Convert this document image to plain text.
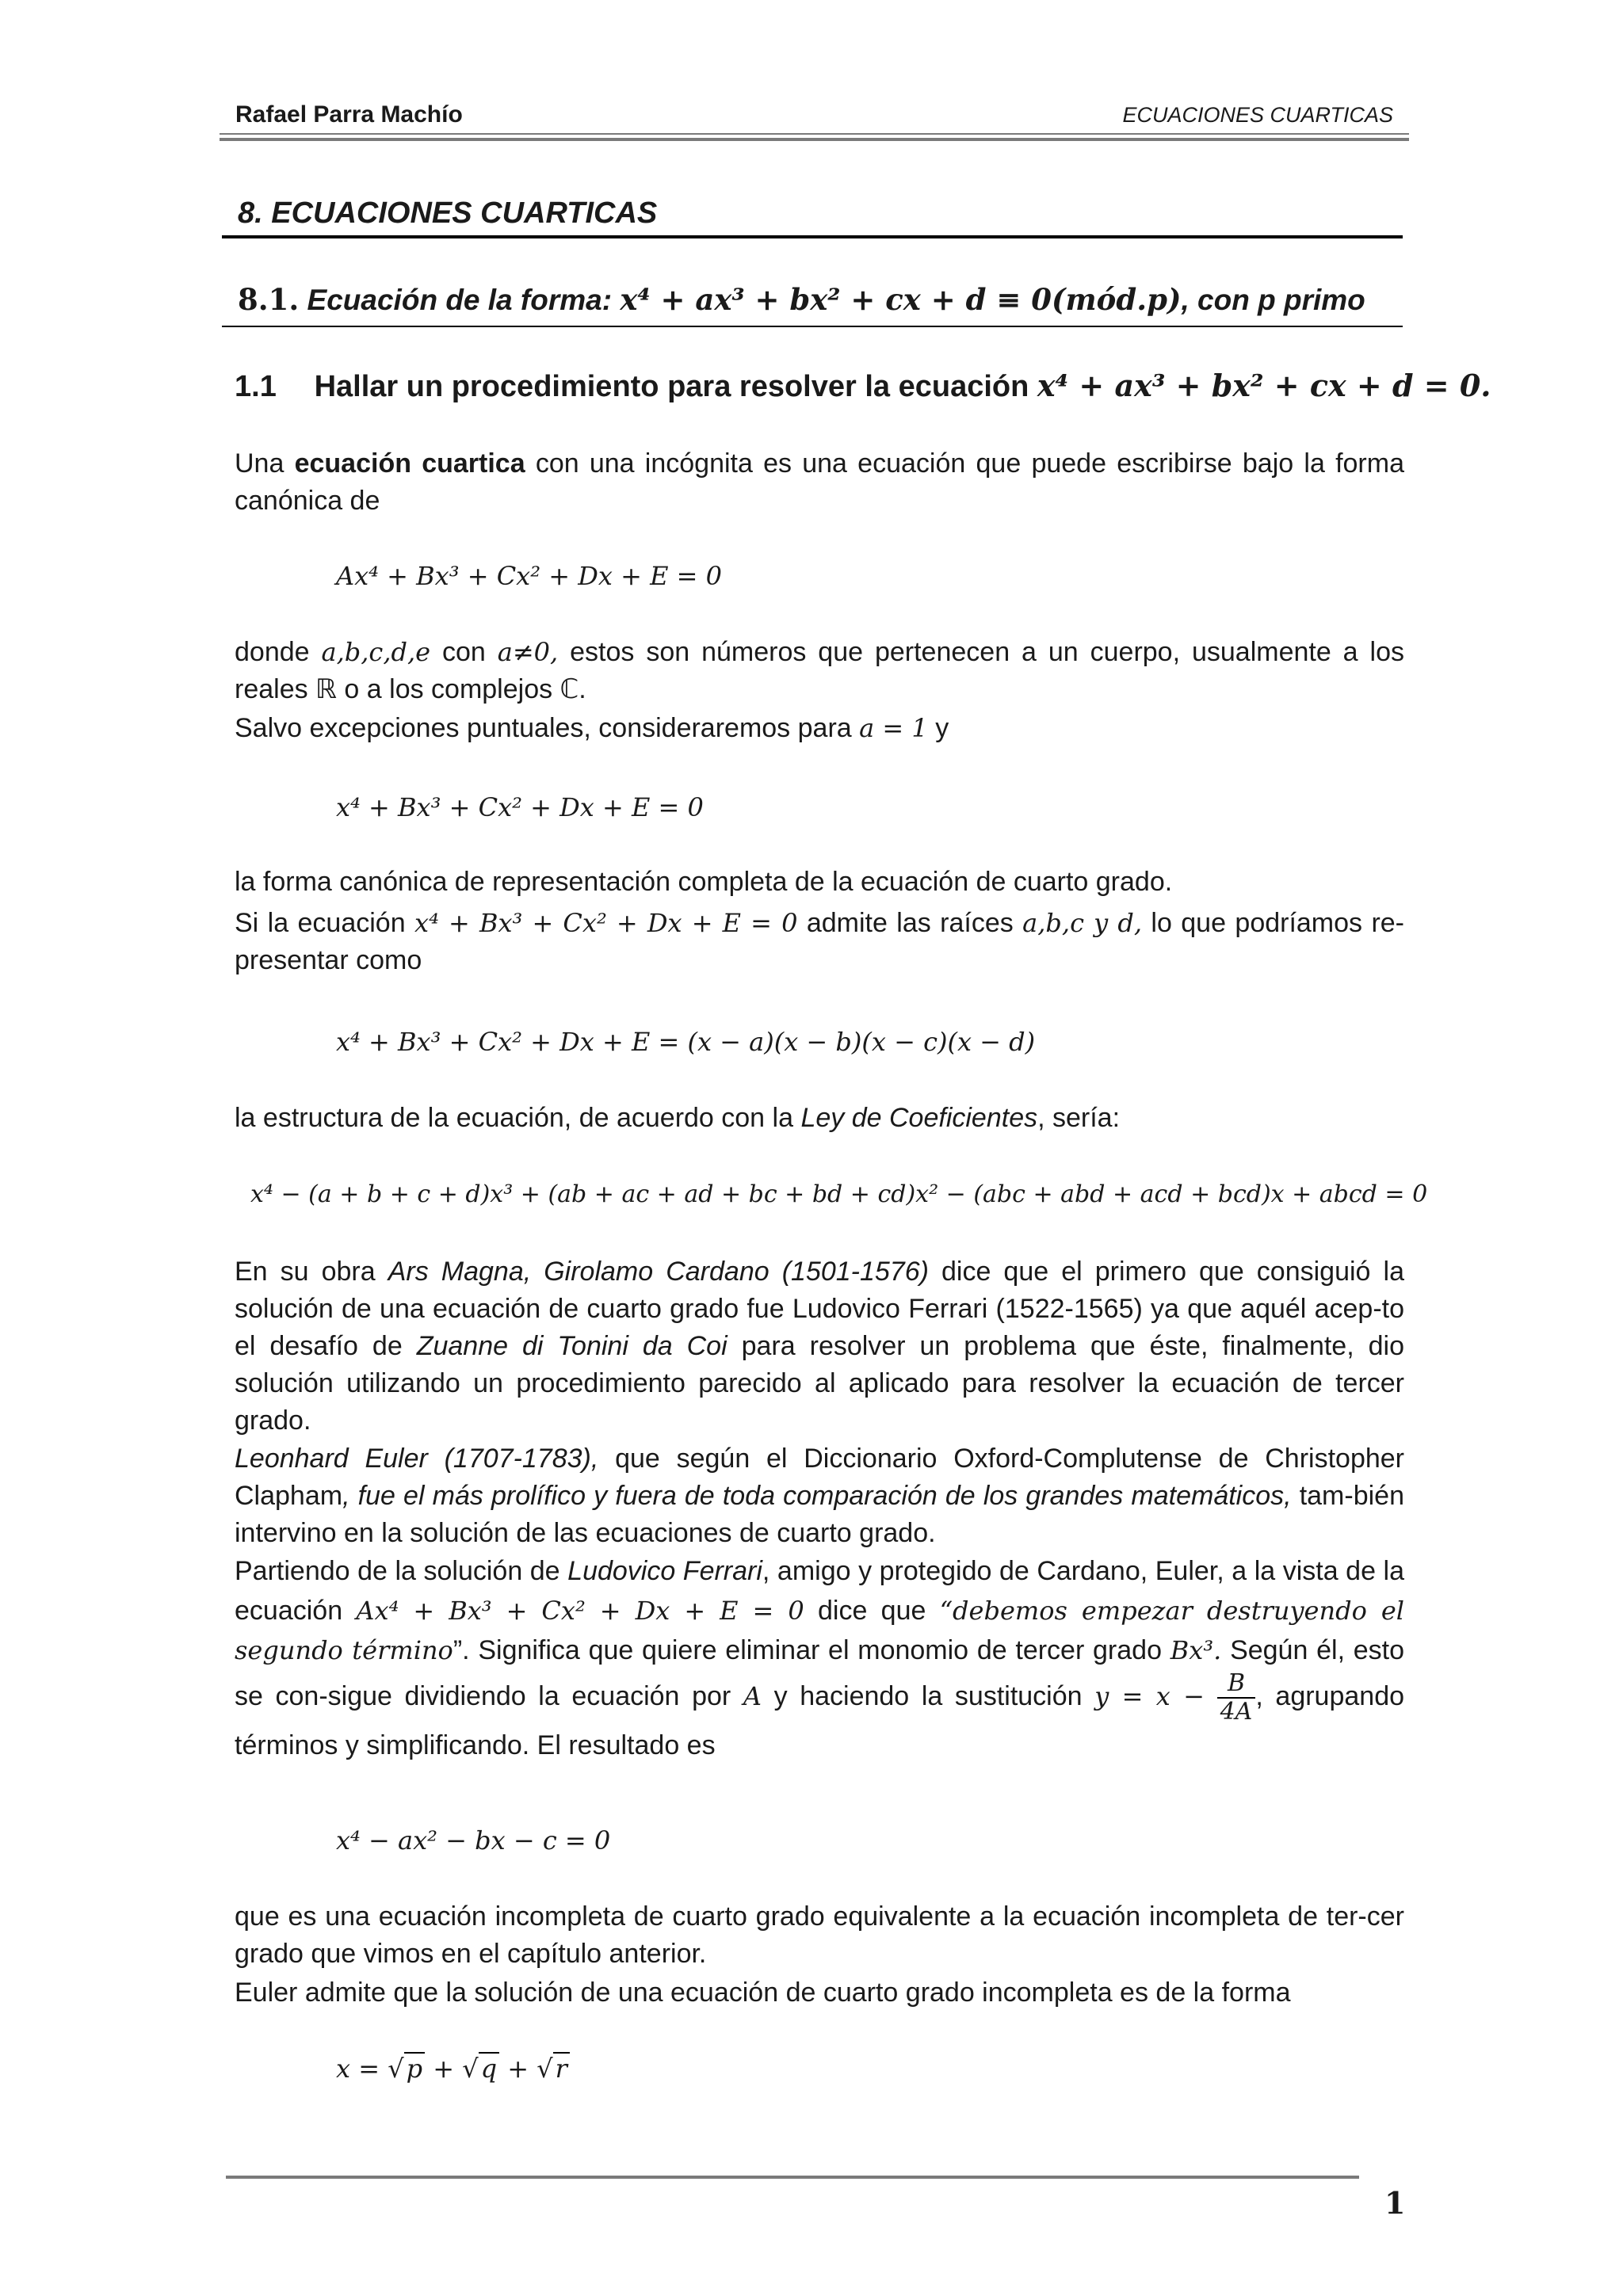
Rafael Parra Machío	ECUACIONES CUARTICAS
8. ECUACIONES CUARTICAS
8.1. Ecuación de la forma: x⁴ + ax³ + bx² + cx + d ≡ 0(mód.p), con p primo
1.1 Hallar un procedimiento para resolver la ecuación x⁴ + ax³ + bx² + cx + d = 0.
Una ecuación cuartica con una incógnita es una ecuación que puede escribirse bajo la forma canónica de
Ax⁴ + Bx³ + Cx² + Dx + E = 0
donde a,b,c,d,e con a≠0, estos son números que pertenecen a un cuerpo, usualmente a los reales ℝ o a los complejos ℂ.
Salvo excepciones puntuales, consideraremos para a = 1 y
x⁴ + Bx³ + Cx² + Dx + E = 0
la forma canónica de representación completa de la ecuación de cuarto grado.
Si la ecuación x⁴ + Bx³ + Cx² + Dx + E = 0 admite las raíces a,b,c y d, lo que podríamos re-presentar como
x⁴ + Bx³ + Cx² + Dx + E = (x − a)(x − b)(x − c)(x − d)
la estructura de la ecuación, de acuerdo con la Ley de Coeficientes, sería:
x⁴ − (a + b + c + d)x³ + (ab + ac + ad + bc + bd + cd)x² − (abc + abd + acd + bcd)x + abcd = 0
En su obra Ars Magna, Girolamo Cardano (1501-1576) dice que el primero que consiguió la solución de una ecuación de cuarto grado fue Ludovico Ferrari (1522-1565) ya que aquél acep-to el desafío de Zuanne di Tonini da Coi para resolver un problema que éste, finalmente, dio solución utilizando un procedimiento parecido al aplicado para resolver la ecuación de tercer grado.
Leonhard Euler (1707-1783), que según el Diccionario Oxford-Complutense de Christopher Clapham, fue el más prolífico y fuera de toda comparación de los grandes matemáticos, tam-bién intervino en la solución de las ecuaciones de cuarto grado.
Partiendo de la solución de Ludovico Ferrari, amigo y protegido de Cardano, Euler, a la vista de la ecuación Ax⁴ + Bx³ + Cx² + Dx + E = 0 dice que “debemos empezar destruyendo el segundo término”. Significa que quiere eliminar el monomio de tercer grado Bx³. Según él, esto se con-sigue dividiendo la ecuación por A y haciendo la sustitución $y = x - \frac{B}{4A}$ , agrupando términos y simplificando. El resultado es
x⁴ − ax² − bx − c = 0
que es una ecuación incompleta de cuarto grado equivalente a la ecuación incompleta de ter-cer grado que vimos en el capítulo anterior.
Euler admite que la solución de una ecuación de cuarto grado incompleta es de la forma
x = √p + √q + √r
1
